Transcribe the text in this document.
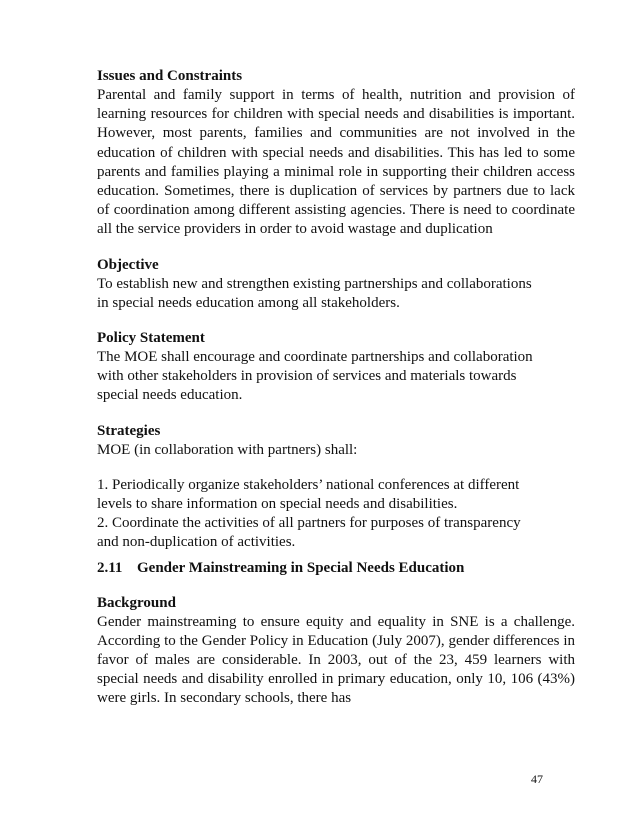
Issues and Constraints

Parental and family support in terms of health, nutrition and provision of learning resources for children with special needs and disabilities is important. However, most parents, families and communities are not involved in the education of children with special needs and disabilities. This has led to some parents and families playing a minimal role in supporting their children access education. Sometimes, there is duplication of services by partners due to lack of coordination among different assisting agencies. There is need to coordinate all the service providers in order to avoid wastage and duplication

Objective

To establish new and strengthen existing partnerships and collaborations

in special needs education among all stakeholders.

Policy Statement

The MOE shall encourage and coordinate partnerships and collaboration

with other stakeholders in provision of services and materials towards

special needs education.

Strategies

MOE (in collaboration with partners) shall:

1. Periodically organize stakeholders’ national conferences at different
levels to share information on special needs and disabilities.
2. Coordinate the activities of all partners for purposes of transparency
and non-duplication of activities.
2.11 Gender Mainstreaming in Special Needs Education
Background

Gender mainstreaming to ensure equity and equality in SNE is a challenge. According to the Gender Policy in Education (July 2007), gender differences in favor of males are considerable. In 2003, out of the 23, 459 learners with special needs and disability enrolled in primary education, only 10, 106 (43%) were girls. In secondary schools, there has

47
